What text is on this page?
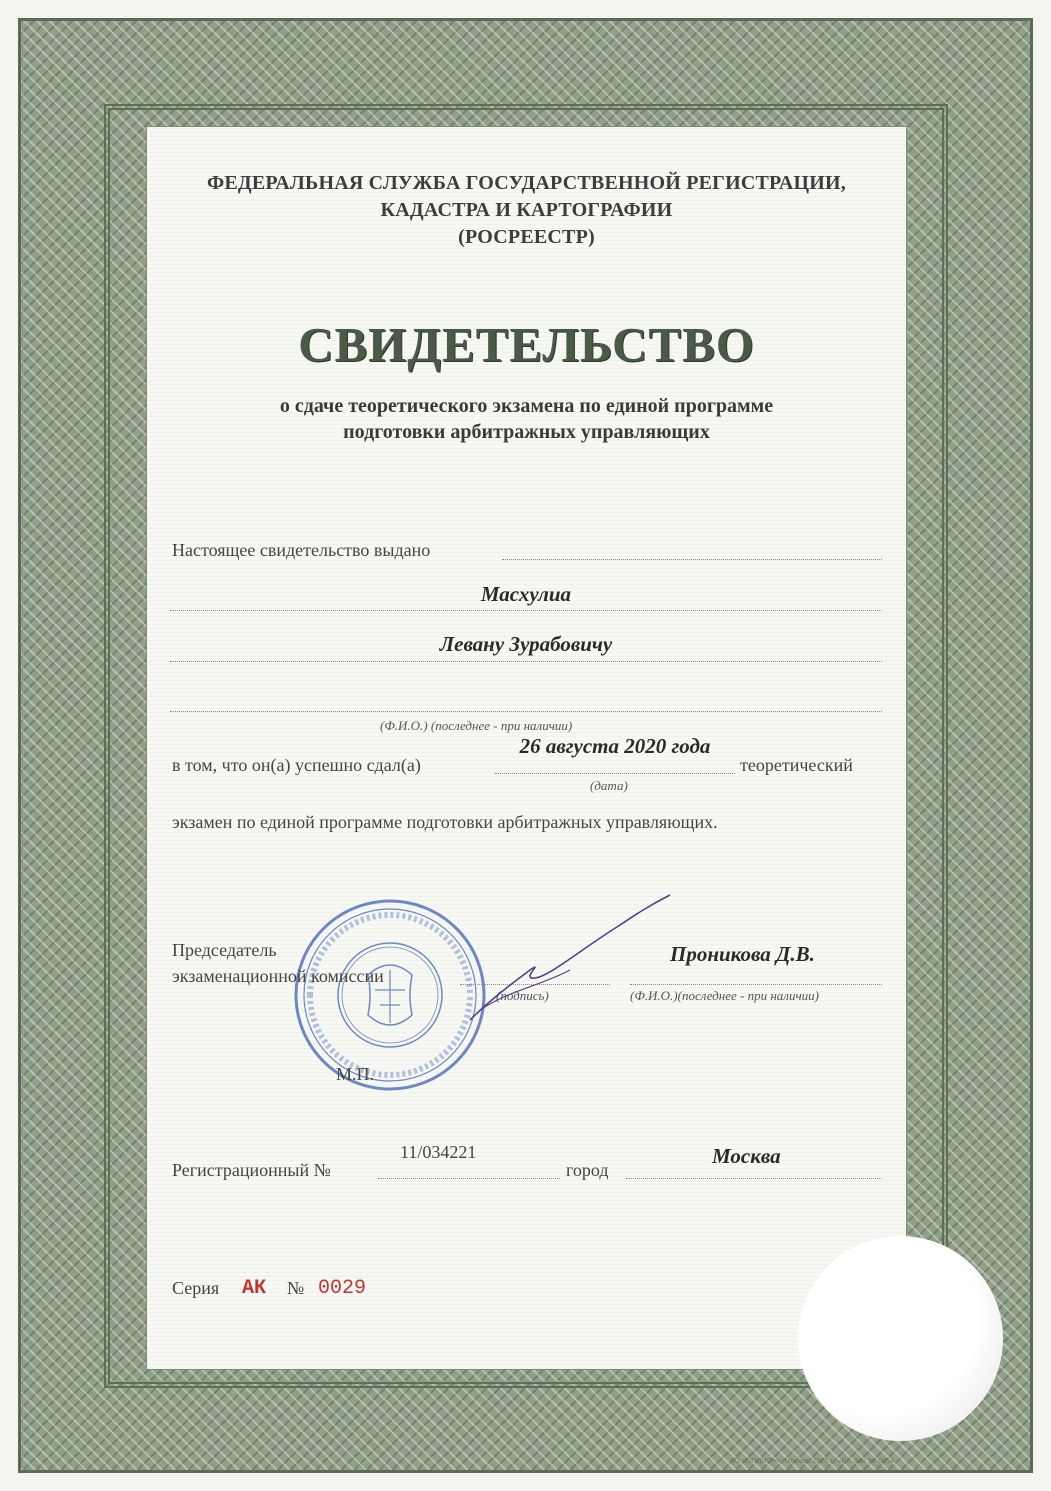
ФЕДЕРАЛЬНАЯ СЛУЖБА ГОСУДАРСТВЕННОЙ РЕГИСТРАЦИИ,
КАДАСТРА И КАРТОГРАФИИ
(РОСРЕЕСТР)
СВИДЕТЕЛЬСТВО
о сдаче теоретического экзамена по единой программе
подготовки арбитражных управляющих
Настоящее свидетельство выдано
Масхулиа
Левану Зурабовичу
(Ф.И.О.) (последнее - при наличии)
в том, что он(а) успешно сдал(а)
26 августа 2020 года
теоретический
(дата)
экзамен по единой программе подготовки арбитражных управляющих.
Председатель
экзаменационной комиссии
(подпись)
Проникова Д.В.
(Ф.И.О.)(последнее - при наличии)
М.П.
Регистрационный №
11/034221
город
Москва
Серия АК № 0029
АО «ОПЦИОН», Москва, 2020 г., «Б», Зак. № 0054
